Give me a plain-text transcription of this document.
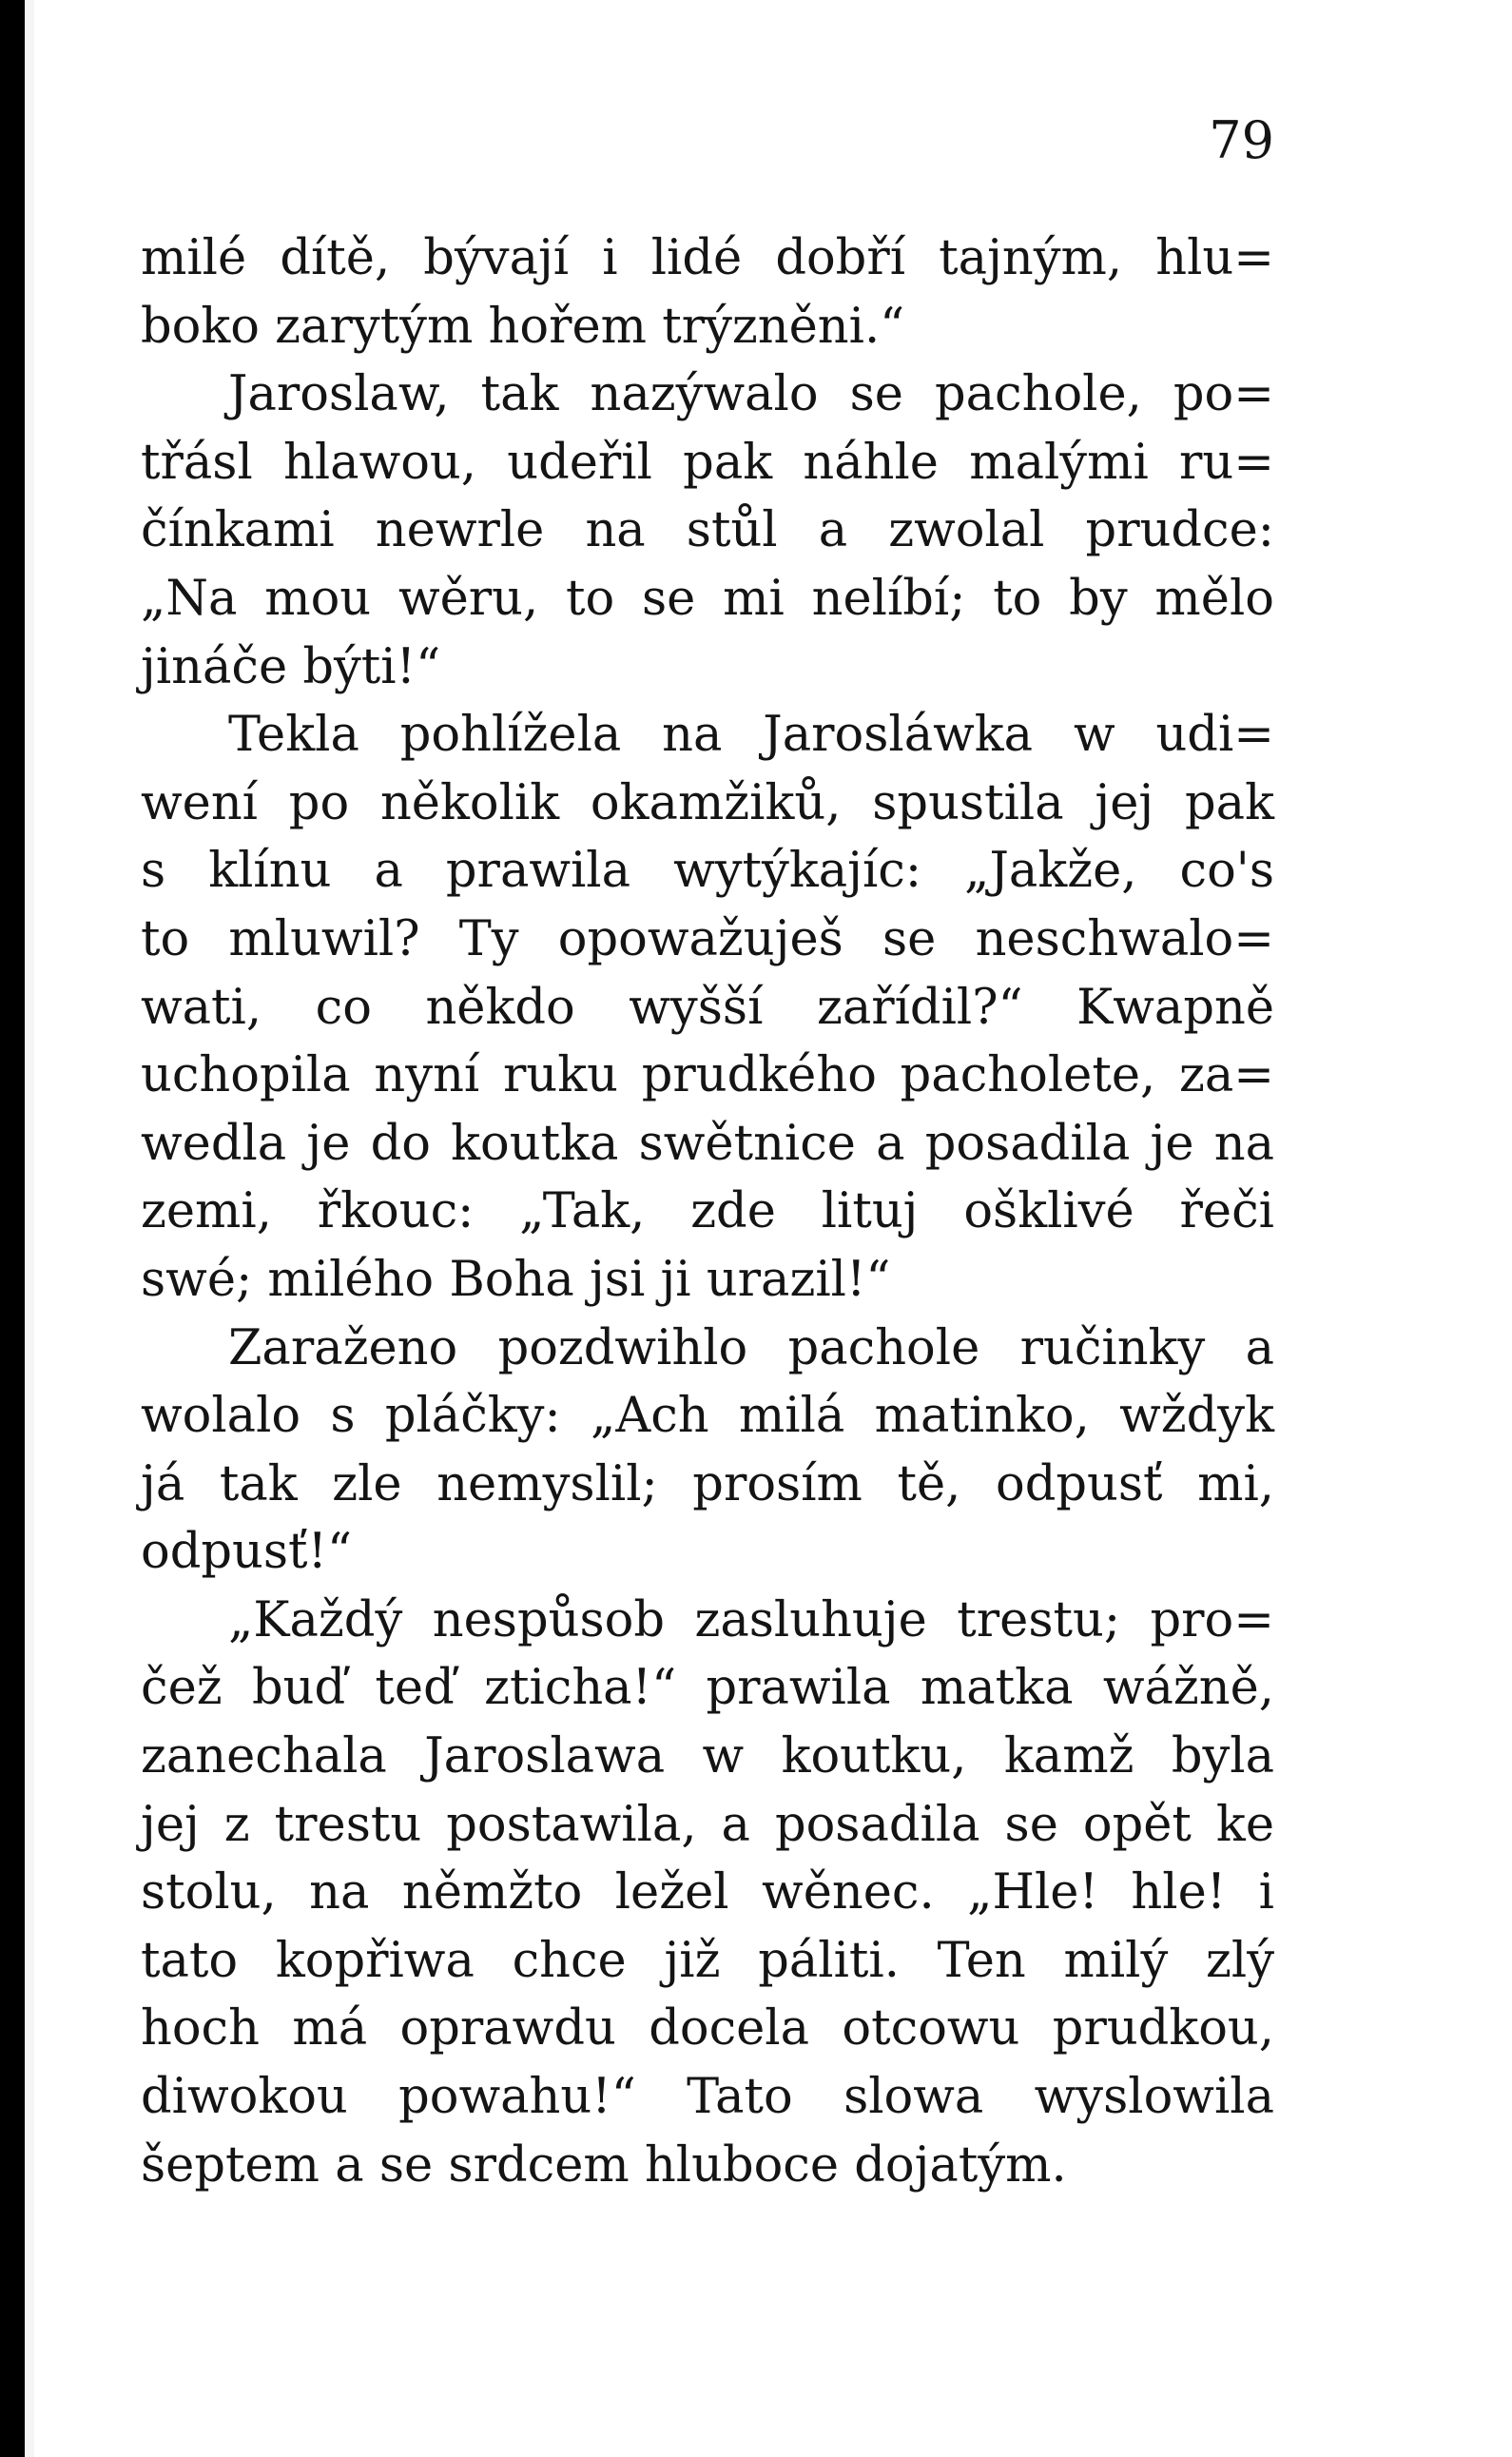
79
milé dítě, bývají i lidé dobří tajným, hlu=
boko zarytým hořem trýzněni.“
Jaroslaw, tak nazýwalo se pachole, po=
třásl hlawou, udeřil pak náhle malými ru=
čínkami newrle na stůl a zwolal prudce:
„Na mou wěru, to se mi nelíbí; to by mělo
jináče býti!“
Tekla pohlížela na Jarosláwka w udi=
wení po několik okamžiků, spustila jej pak
s klínu a prawila wytýkajíc: „Jakže, co's
to mluwil? Ty opowažuješ se neschwalo=
wati, co někdo wyšší zařídil?“ Kwapně
uchopila nyní ruku prudkého pacholete, za=
wedla je do koutka swětnice a posadila je na
zemi, řkouc: „Tak, zde lituj ošklivé řeči
swé; milého Boha jsi ji urazil!“
Zaraženo pozdwihlo pachole ručinky a
wolalo s pláčky: „Ach milá matinko, wždyk
já tak zle nemyslil; prosím tě, odpusť mi,
odpusť!“
„Každý nespůsob zasluhuje trestu; pro=
čež buď teď zticha!“ prawila matka wážně,
zanechala Jaroslawa w koutku, kamž byla
jej z trestu postawila, a posadila se opět ke
stolu, na němžto ležel wěnec. „Hle! hle! i
tato kopřiwa chce již páliti. Ten milý zlý
hoch má opraw​du docela otcowu prudkou,
diwokou powahu!“ Tato slowa wyslowila
šeptem a se srdcem hluboce dojatým.
